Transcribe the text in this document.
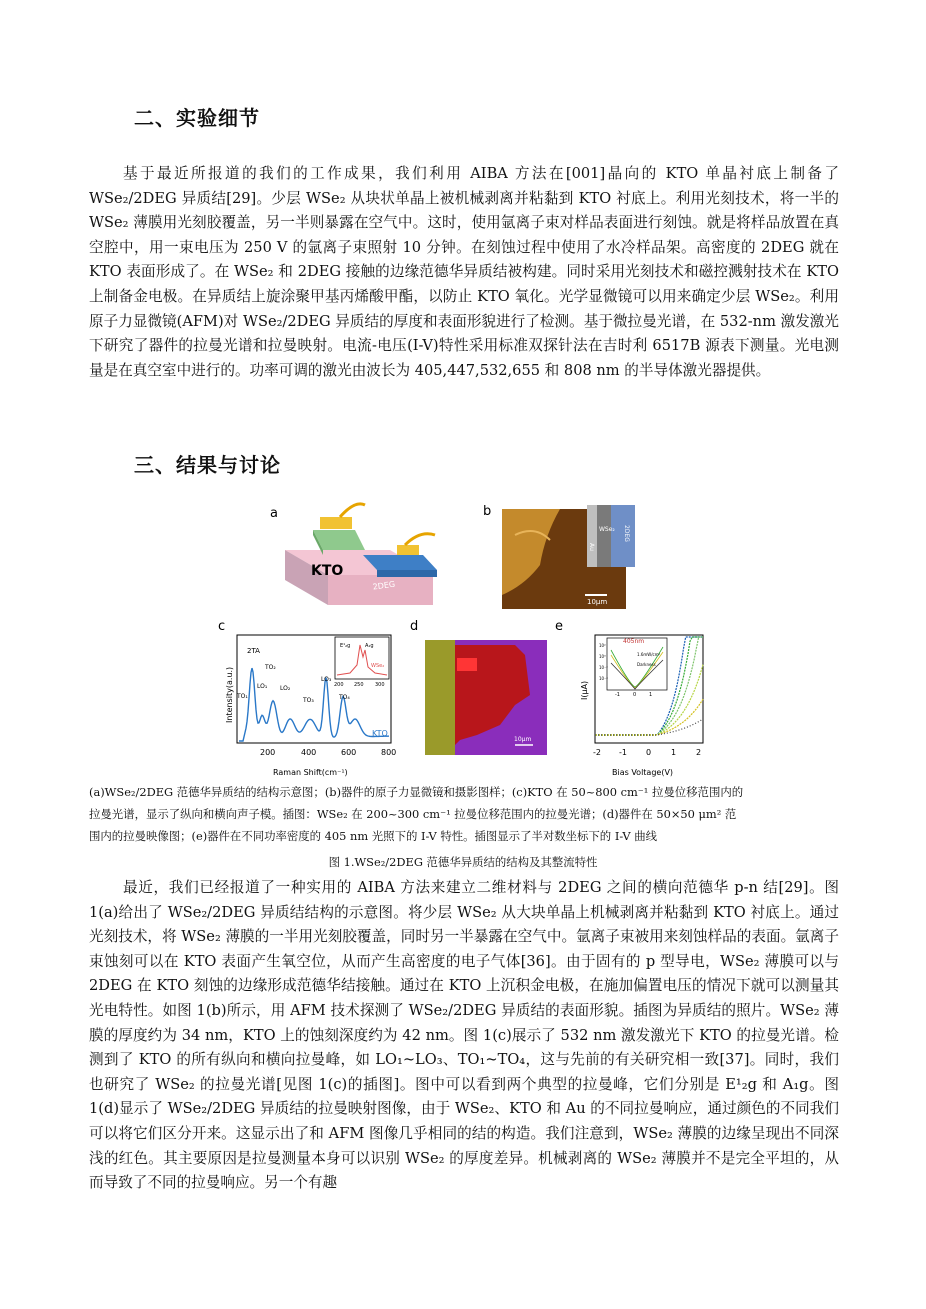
二、实验细节
基于最近所报道的我们的工作成果，我们利用 AIBA 方法在[001]晶向的 KTO 单晶衬底上制备了 WSe₂/2DEG 异质结[29]。少层 WSe₂ 从块状单晶上被机械剥离并粘黏到 KTO 衬底上。利用光刻技术，将一半的 WSe₂ 薄膜用光刻胶覆盖，另一半则暴露在空气中。这时，使用氩离子束对样品表面进行刻蚀。就是将样品放置在真空腔中，用一束电压为 250 V 的氩离子束照射 10 分钟。在刻蚀过程中使用了水冷样品架。高密度的 2DEG 就在 KTO 表面形成了。在 WSe₂ 和 2DEG 接触的边缘范德华异质结被构建。同时采用光刻技术和磁控溅射技术在 KTO 上制备金电极。在异质结上旋涂聚甲基丙烯酸甲酯，以防止 KTO 氧化。光学显微镜可以用来确定少层 WSe₂。利用原子力显微镜(AFM)对 WSe₂/2DEG 异质结的厚度和表面形貌进行了检测。基于微拉曼光谱，在 532-nm 激发激光下研究了器件的拉曼光谱和拉曼映射。电流-电压(I-V)特性采用标准双探针法在吉时利 6517B 源表下测量。光电测量是在真空室中进行的。功率可调的激光由波长为 405,447,532,655 和 808 nm 的半导体激光器提供。
三、结果与讨论
a
KTO
2DEG
b
WSe₂ 2DEG
Au
10μm
c
2TA
TO₁
LO₁
TO₂
LO₂
TO₃
LO₃
TO₄
KTO
Intensity(a.u.)
Raman Shift(cm⁻¹)
200	400	600	800
E¹₂g	A₁g
WSe₂
200 250 300
d
10μm
e
I(μA)
Bias Voltage(V)
-2 -1 0 1 2
405nm
1.6mW/cm²
Darkness
10²
10⁰
10⁻²
10⁻⁴
-1	0	1
(a)WSe₂/2DEG 范德华异质结的结构示意图；(b)器件的原子力显微镜和摄影图样；(c)KTO 在 50~800 cm⁻¹ 拉曼位移范围内的
拉曼光谱，显示了纵向和横向声子模。插图：WSe₂ 在 200~300 cm⁻¹ 拉曼位移范围内的拉曼光谱；(d)器件在 50×50 μm² 范
围内的拉曼映像图；(e)器件在不同功率密度的 405 nm 光照下的 I-V 特性。插图显示了半对数坐标下的 I-V 曲线
图 1.WSe₂/2DEG 范德华异质结的结构及其整流特性
最近，我们已经报道了一种实用的 AIBA 方法来建立二维材料与 2DEG 之间的横向范德华 p-n 结[29]。图 1(a)给出了 WSe₂/2DEG 异质结结构的示意图。将少层 WSe₂ 从大块单晶上机械剥离并粘黏到 KTO 衬底上。通过光刻技术，将 WSe₂ 薄膜的一半用光刻胶覆盖，同时另一半暴露在空气中。氩离子束被用来刻蚀样品的表面。氩离子束蚀刻可以在 KTO 表面产生氧空位，从而产生高密度的电子气体[36]。由于固有的 p 型导电，WSe₂ 薄膜可以与 2DEG 在 KTO 刻蚀的边缘形成范德华结接触。通过在 KTO 上沉积金电极，在施加偏置电压的情况下就可以测量其光电特性。如图 1(b)所示，用 AFM 技术探测了 WSe₂/2DEG 异质结的表面形貌。插图为异质结的照片。WSe₂ 薄膜的厚度约为 34 nm，KTO 上的蚀刻深度约为 42 nm。图 1(c)展示了 532 nm 激发激光下 KTO 的拉曼光谱。检测到了 KTO 的所有纵向和横向拉曼峰，如 LO₁~LO₃、TO₁~TO₄，这与先前的有关研究相一致[37]。同时，我们也研究了 WSe₂ 的拉曼光谱[见图 1(c)的插图]。图中可以看到两个典型的拉曼峰，它们分别是 E¹₂g 和 A₁g。图 1(d)显示了 WSe₂/2DEG 异质结的拉曼映射图像，由于 WSe₂、KTO 和 Au 的不同拉曼响应，通过颜色的不同我们可以将它们区分开来。这显示出了和 AFM 图像几乎相同的结的构造。我们注意到，WSe₂ 薄膜的边缘呈现出不同深浅的红色。其主要原因是拉曼测量本身可以识别 WSe₂ 的厚度差异。机械剥离的 WSe₂ 薄膜并不是完全平坦的，从而导致了不同的拉曼响应。另一个有趣
